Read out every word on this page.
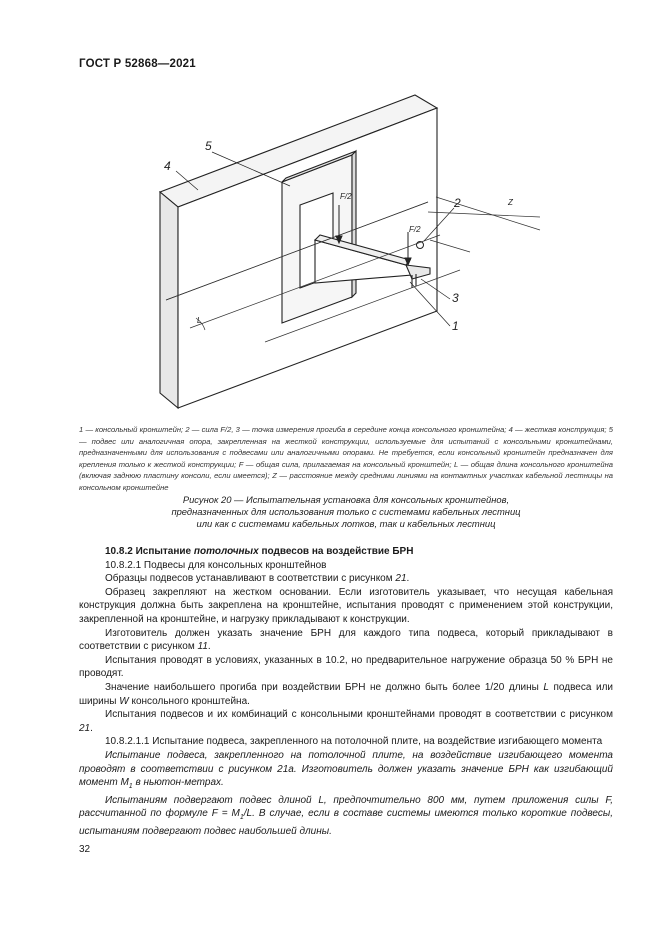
ГОСТ Р 52868—2021
4
5
2
3
1
F/2
F/2
L
Z
1 — консольный кронштейн; 2 — сила F/2, 3 — точка измерения прогиба в середине конца консольного кронштейна; 4 — жесткая конструкция; 5 — подвес или аналогичная опора, закрепленная на жесткой конструкции, используемые для испытаний с консольными кронштейнами, предназначенными для использования с подвесами или аналогичными опорами. Не требуется, если консольный кронштейн предназначен для крепления только к жесткой конструкции; F — общая сила, прилагаемая на консольный кронштейн; L — общая длина консольного кронштейна (включая заднюю пластину консоли, если имеется); Z — расстояние между средними линиями на контактных участках кабельной лестницы на консольном кронштейне
Рисунок 20 — Испытательная установка для консольных кронштейнов,
предназначенных для использования только с системами кабельных лестниц
или как с системами кабельных лотков, так и кабельных лестниц

10.8.2 Испытание потолочных подвесов на воздействие БРН

10.8.2.1 Подвесы для консольных кронштейнов

Образцы подвесов устанавливают в соответствии с рисунком 21.

Образец закрепляют на жестком основании. Если изготовитель указывает, что несущая кабельная конструкция должна быть закреплена на кронштейне, испытания проводят с применением этой конструкции, закрепленной на кронштейне, и нагрузку прикладывают к конструкции.

Изготовитель должен указать значение БРН для каждого типа подвеса, который прикладывают в соответствии с рисунком 11.

Испытания проводят в условиях, указанных в 10.2, но предварительное нагружение образца 50 % БРН не проводят.

Значение наибольшего прогиба при воздействии БРН не должно быть более 1/20 длины L подвеса или ширины W консольного кронштейна.

Испытания подвесов и их комбинаций с консольными кронштейнами проводят в соответствии с рисунком 21.

10.8.2.1.1 Испытание подвеса, закрепленного на потолочной плите, на воздействие изгибающего момента

Испытание подвеса, закрепленного на потолочной плите, на воздействие изгибающего момента проводят в соответствии с рисунком 21а. Изготовитель должен указать значение БРН как изгибающий момент $М_1$ в ньютон-метрах.

Испытаниям подвергают подвес длиной L, предпочтительно 800 мм, путем приложения силы F, рассчитанной по формуле $F = М_1/L$. В случае, если в составе системы имеются только короткие подвесы, испытаниям подвергают подвес наибольшей длины.

32
